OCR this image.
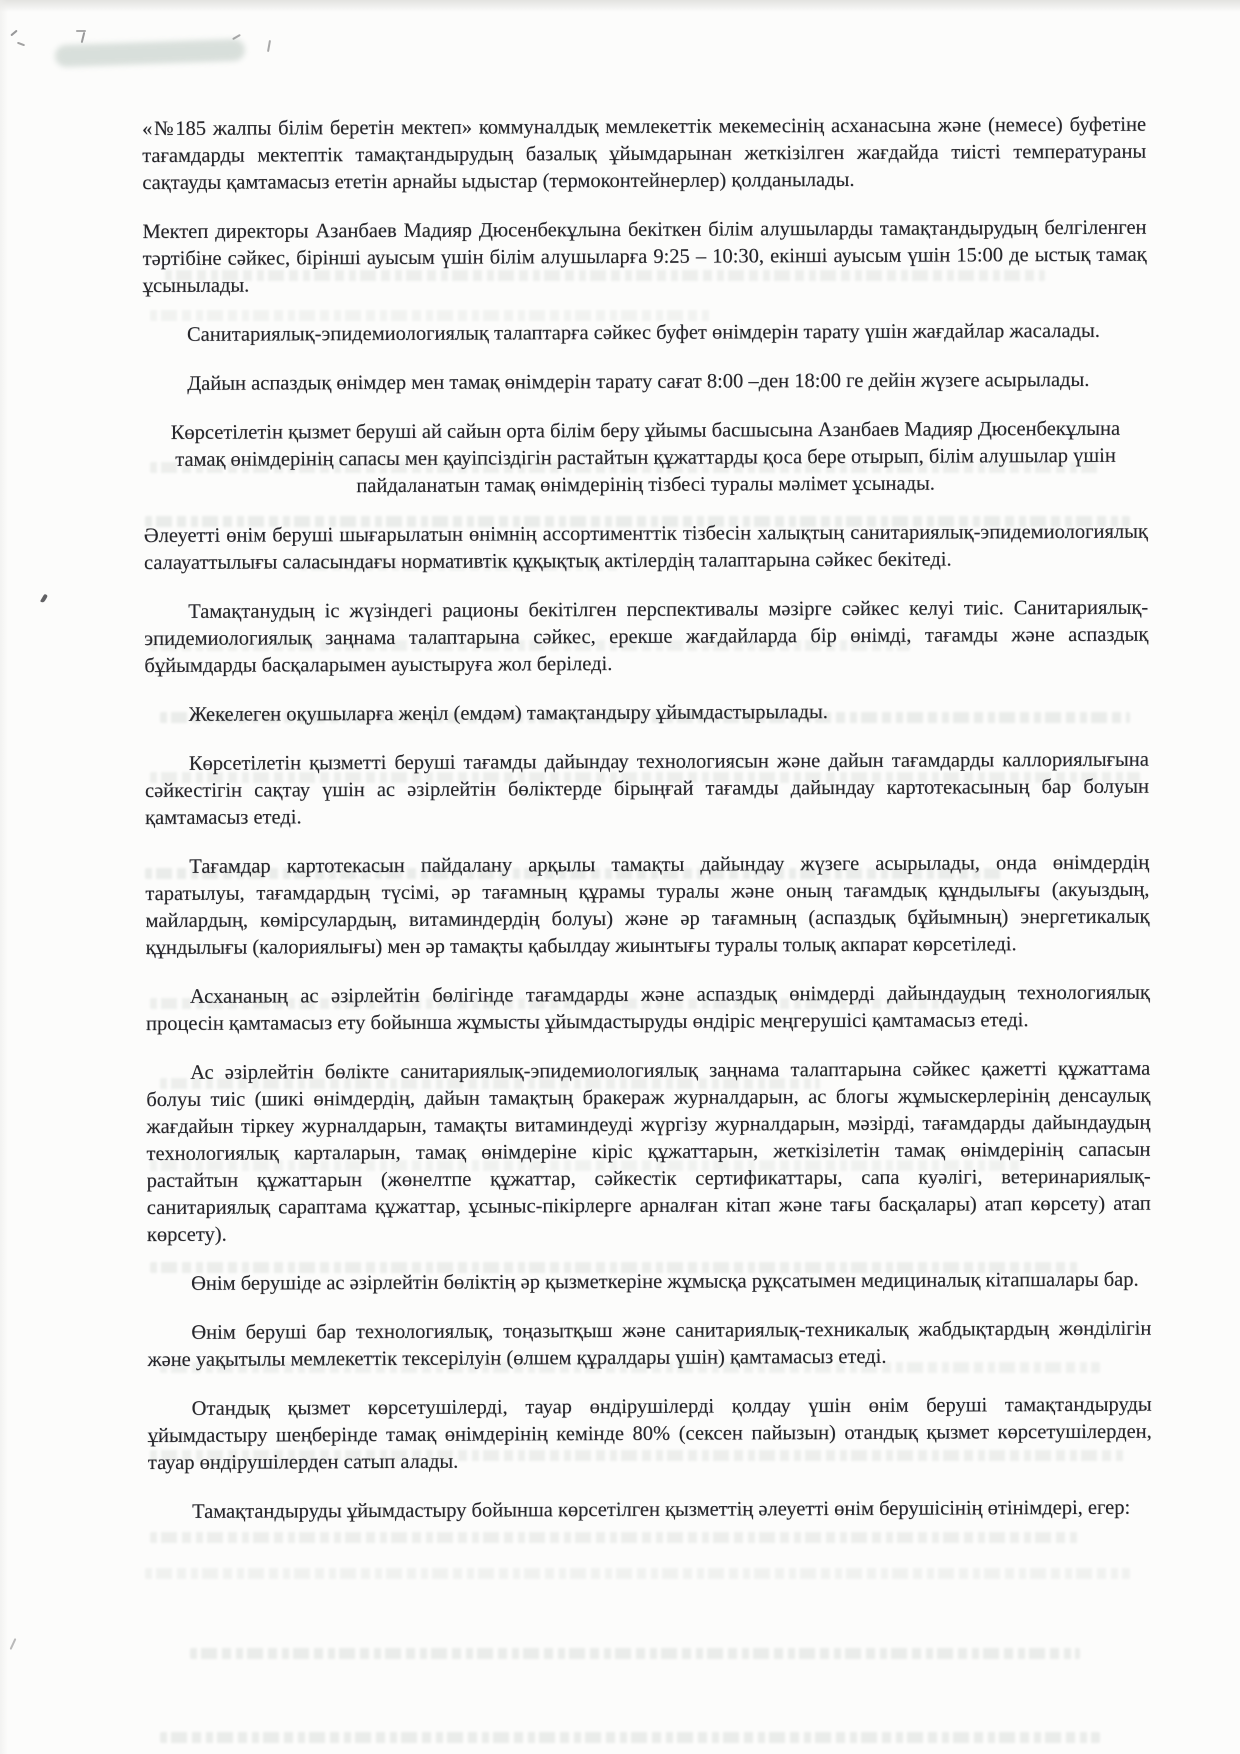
«№185 жалпы білім беретін мектеп» коммуналдық мемлекеттік мекемесінің асханасына және (немесе) буфетіне тағамдарды мектептік тамақтандырудың базалық ұйымдарынан жеткізілген жағдайда тиісті температураны сақтауды қамтамасыз ететін арнайы ыдыстар (термоконтейнерлер) қолданылады.

Мектеп директоры Азанбаев Мадияр Дюсенбекұлына бекіткен білім алушыларды тамақтандырудың белгіленген тәртібіне сәйкес, бірінші ауысым үшін білім алушыларға 9:25 – 10:30, екінші ауысым үшін 15:00 де ыстық тамақ ұсынылады.

Санитариялық-эпидемиологиялық талаптарға сәйкес буфет өнімдерін тарату үшін жағдайлар жасалады.

Дайын аспаздық өнімдер мен тамақ өнімдерін тарату сағат 8:00 –ден 18:00 ге дейін жүзеге асырылады.

Көрсетілетін қызмет беруші ай сайын орта білім беру ұйымы басшысына Азанбаев Мадияр Дюсенбекұлына тамақ өнімдерінің сапасы мен қауіпсіздігін растайтын құжаттарды қоса бере отырып, білім алушылар үшін пайдаланатын тамақ өнімдерінің тізбесі туралы мәлімет ұсынады.

Әлеуетті өнім беруші шығарылатын өнімнің ассортименттік тізбесін халықтың санитариялық-эпидемиологиялық салауаттылығы саласындағы нормативтік құқықтық актілердің талаптарына сәйкес бекітеді.

Тамақтанудың іс жүзіндегі рационы бекітілген перспективалы мәзірге сәйкес келуі тиіс. Санитариялық-эпидемиологиялық заңнама талаптарына сәйкес, ерекше жағдайларда бір өнімді, тағамды және аспаздық бұйымдарды басқаларымен ауыстыруға жол беріледі.

Жекелеген оқушыларға жеңіл (емдәм) тамақтандыру ұйымдастырылады.

Көрсетілетін қызметті беруші тағамды дайындау технологиясын және дайын тағамдарды каллориялығына сәйкестігін сақтау үшін ас әзірлейтін бөліктерде бірыңғай тағамды дайындау картотекасының бар болуын қамтамасыз етеді.

Тағамдар картотекасын пайдалану арқылы тамақты дайындау жүзеге асырылады, онда өнімдердің таратылуы, тағамдардың түсімі, әр тағамның құрамы туралы және оның тағамдық құндылығы (акуыздың, майлардың, көмірсулардың, витаминдердің болуы) және әр тағамның (аспаздық бұйымның) энергетикалық құндылығы (калориялығы) мен әр тамақты қабылдау жиынтығы туралы толық акпарат көрсетіледі.

Асхананың ас әзірлейтін бөлігінде тағамдарды және аспаздық өнімдерді дайындаудың технологиялық процесін қамтамасыз ету бойынша жұмысты ұйымдастыруды өндіріс меңгерушісі қамтамасыз етеді.

Ас әзірлейтін бөлікте санитариялық-эпидемиологиялық заңнама талаптарына сәйкес қажетті құжаттама болуы тиіс (шикі өнімдердің, дайын тамақтың бракераж журналдарын, ас блогы жұмыскерлерінің денсаулық жағдайын тіркеу журналдарын, тамақты витаминдеуді жүргізу журналдарын, мәзірді, тағамдарды дайындаудың технологиялық карталарын, тамақ өнімдеріне кіріс құжаттарын, жеткізілетін тамақ өнімдерінің сапасын растайтын құжаттарын (жөнелтпе құжаттар, сәйкестік сертификаттары, сапа куәлігі, ветеринариялық-санитариялық сараптама құжаттар, ұсыныс-пікірлерге арналған кітап және тағы басқалары) атап көрсету) атап көрсету).

Өнім берушіде ас әзірлейтін бөліктің әр қызметкеріне жұмысқа рұқсатымен медициналық кітапшалары бар.

Өнім беруші бар технологиялық, тоңазытқыш және санитариялық-техникалық жабдықтардың жөнділігін және уақытылы мемлекеттік тексерілуін (өлшем құралдары үшін) қамтамасыз етеді.

Отандық қызмет көрсетушілерді, тауар өндірушілерді қолдау үшін өнім беруші тамақтандыруды ұйымдастыру шеңберінде тамақ өнімдерінің кемінде 80% (сексен пайызын) отандық қызмет көрсетушілерден, тауар өндірушілерден сатып алады.

Тамақтандыруды ұйымдастыру бойынша көрсетілген қызметтің әлеуетті өнім берушісінің өтінімдері, егер:
